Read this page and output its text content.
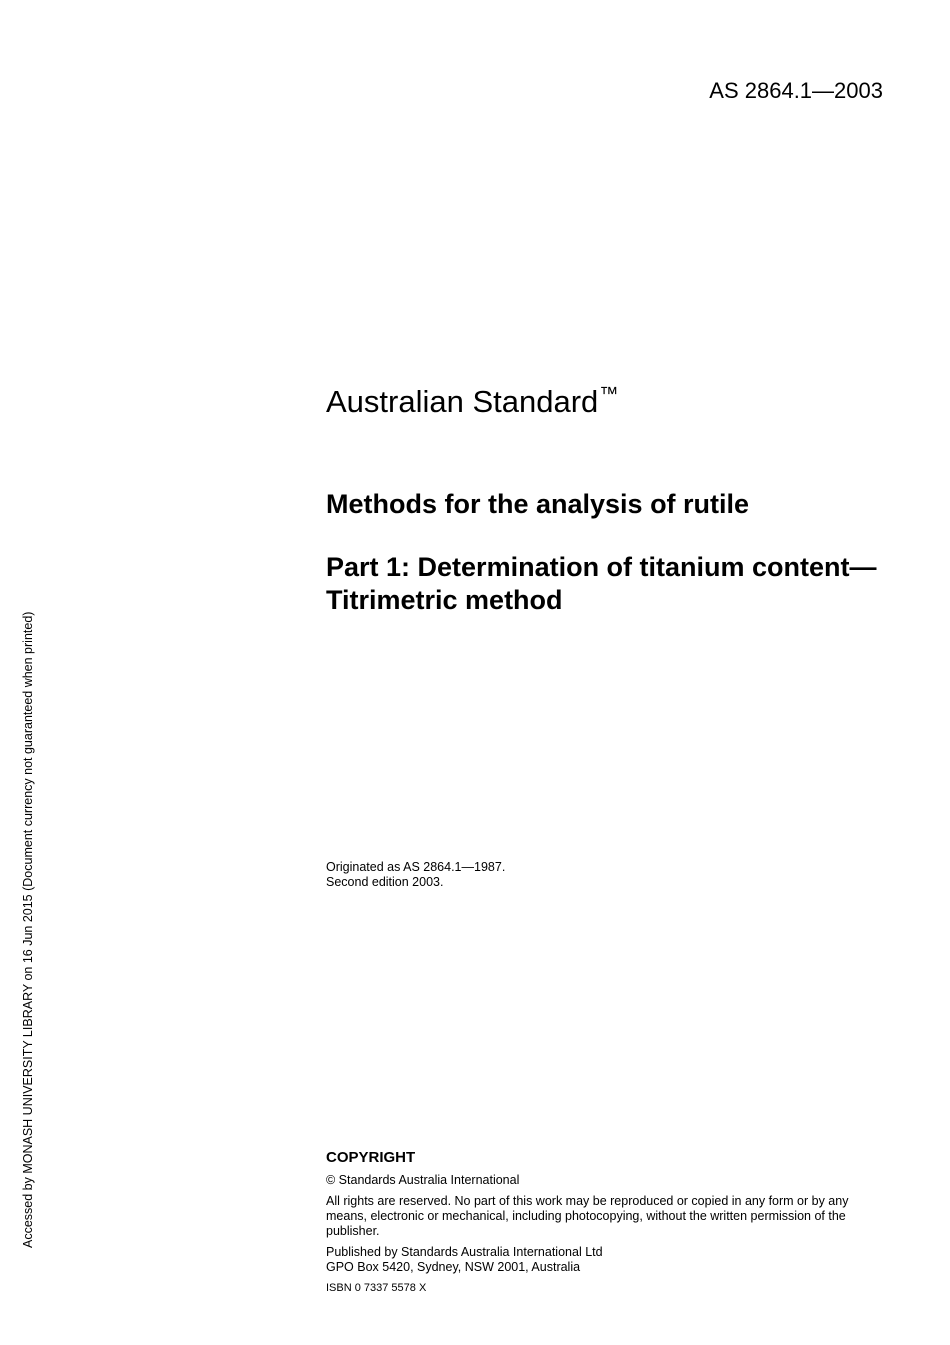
AS 2864.1—2003
Australian Standard™
Methods for the analysis of rutile
Part 1: Determination of titanium content—Titrimetric method
Originated as AS 2864.1—1987.
Second edition 2003.
COPYRIGHT
© Standards Australia International
All rights are reserved. No part of this work may be reproduced or copied in any form or by any means, electronic or mechanical, including photocopying, without the written permission of the publisher.
Published by Standards Australia International Ltd
GPO Box 5420, Sydney, NSW 2001, Australia
ISBN 0 7337 5578 X
Accessed by MONASH UNIVERSITY LIBRARY on 16 Jun 2015 (Document currency not guaranteed when printed)
